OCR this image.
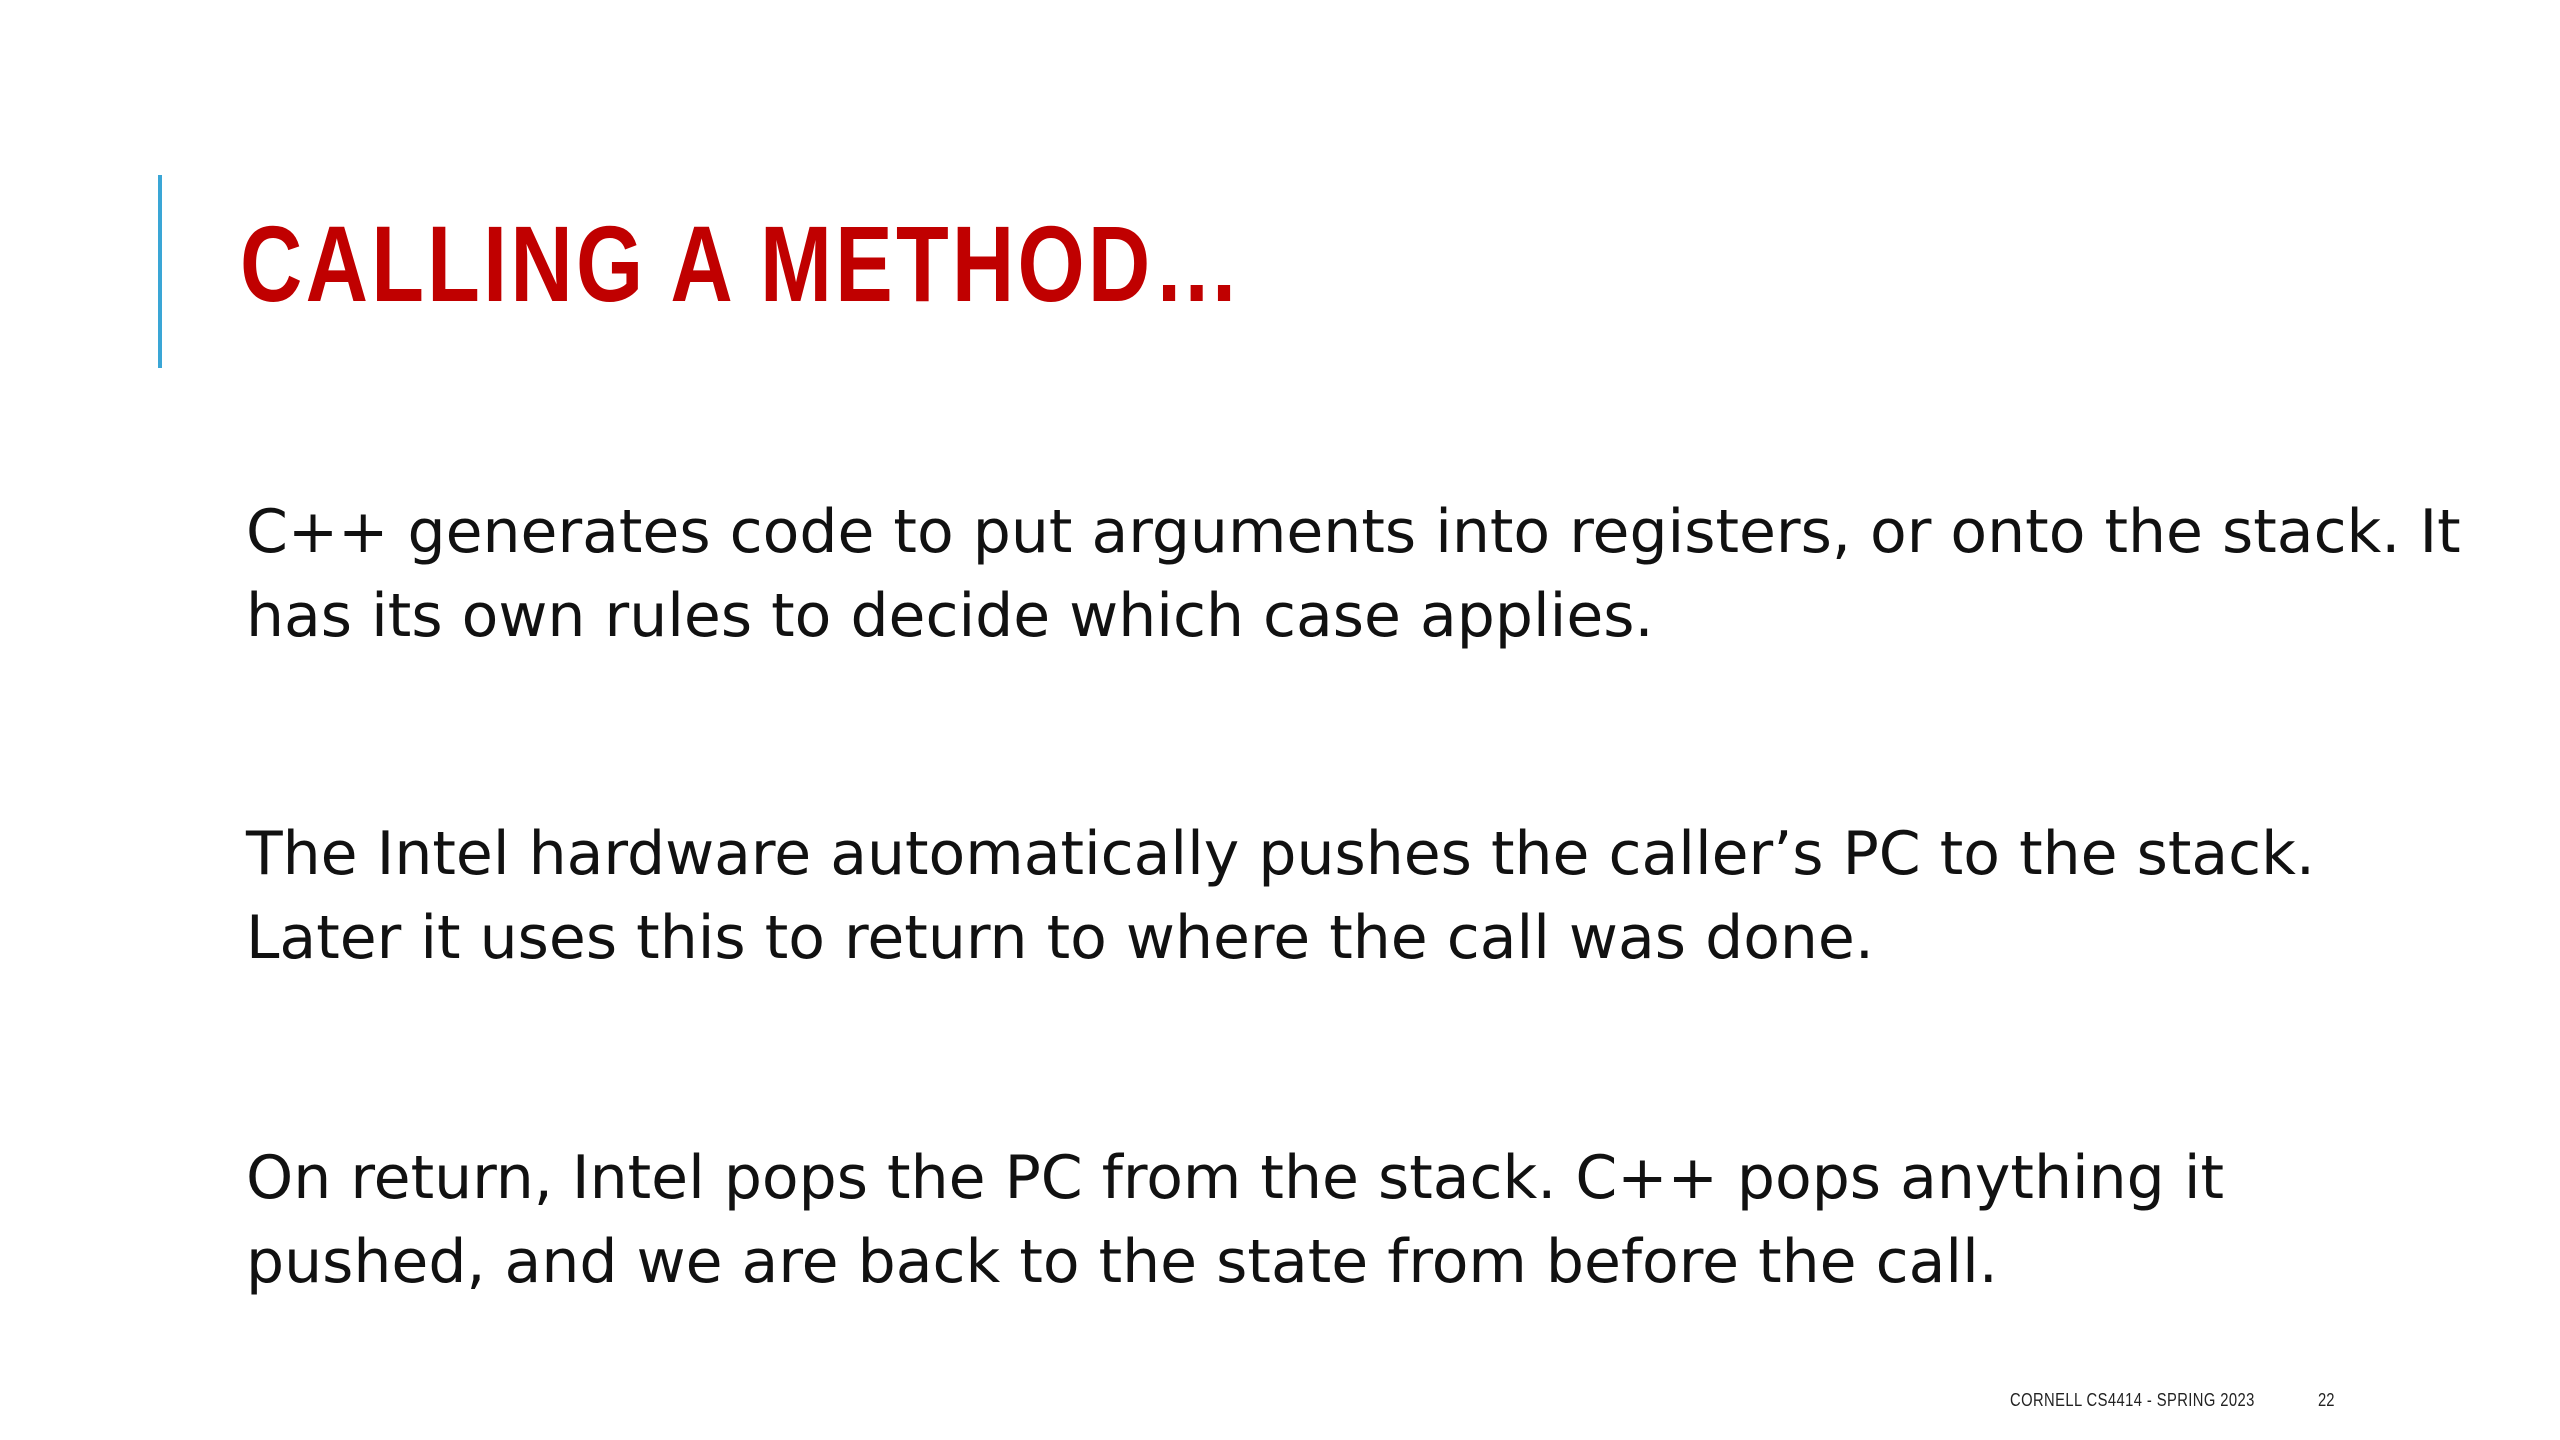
CALLING A METHOD…

C++ generates code to put arguments into registers, or onto the stack. It has its own rules to decide which case applies.

The Intel hardware automatically pushes the caller’s PC to the stack. Later it uses this to return to where the call was done.

On return, Intel pops the PC from the stack. C++ pops anything it pushed, and we are back to the state from before the call.

CORNELL CS4414 - SPRING 2023	22
